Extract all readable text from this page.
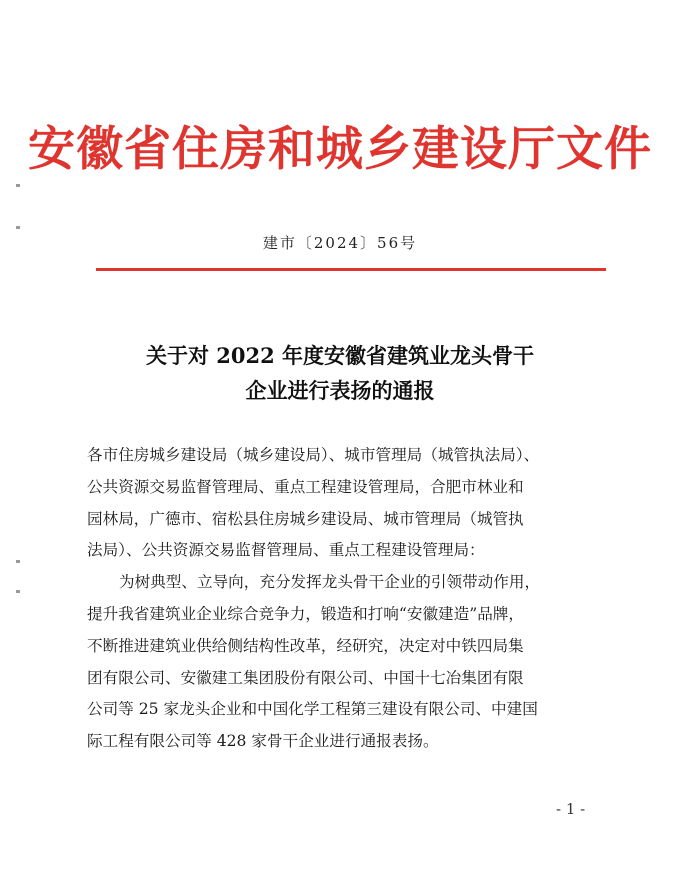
安徽省住房和城乡建设厅文件
建市〔2024〕56号
关于对 2022 年度安徽省建筑业龙头骨干
企业进行表扬的通报
各市住房城乡建设局（城乡建设局）、城市管理局（城管执法局）、
公共资源交易监督管理局、重点工程建设管理局，合肥市林业和
园林局，广德市、宿松县住房城乡建设局、城市管理局（城管执
法局）、公共资源交易监督管理局、重点工程建设管理局：
为树典型、立导向，充分发挥龙头骨干企业的引领带动作用，
提升我省建筑业企业综合竞争力，锻造和打响“安徽建造”品牌，
不断推进建筑业供给侧结构性改革，经研究，决定对中铁四局集
团有限公司、安徽建工集团股份有限公司、中国十七冶集团有限
公司等 25 家龙头企业和中国化学工程第三建设有限公司、中建国
际工程有限公司等 428 家骨干企业进行通报表扬。
- 1 -
